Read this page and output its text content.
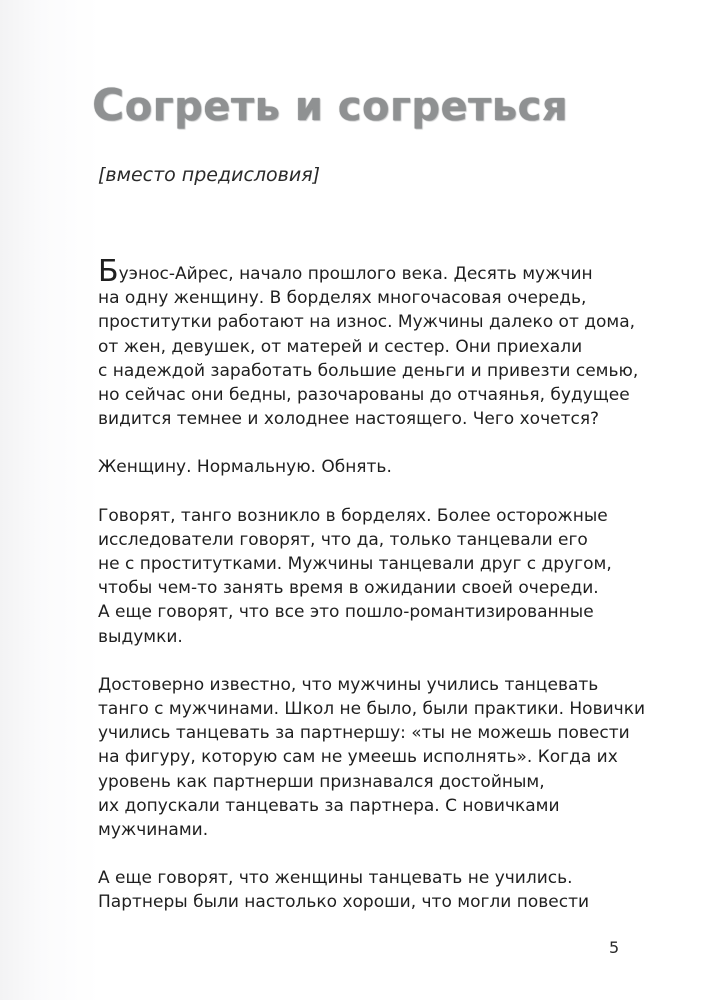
Согреть и согреться

[вместо предисловия]

Буэнос-Айрес, начало прошлого века. Десять мужчин
на одну женщину. В борделях многочасовая очередь,
проститутки работают на износ. Мужчины далеко от дома,
от жен, девушек, от матерей и сестер. Они приехали
с надеждой заработать большие деньги и привезти семью,
но сейчас они бедны, разочарованы до отчаянья, будущее
видится темнее и холоднее настоящего. Чего хочется?

Женщину. Нормальную. Обнять.

Говорят, танго возникло в борделях. Более осторожные
исследователи говорят, что да, только танцевали его
не с проститутками. Мужчины танцевали друг с другом,
чтобы чем-то занять время в ожидании своей очереди.
А еще говорят, что все это пошло-романтизированные
выдумки.

Достоверно известно, что мужчины учились танцевать
танго с мужчинами. Школ не было, были практики. Новички
учились танцевать за партнершу: «ты не можешь повести
на фигуру, которую сам не умеешь исполнять». Когда их
уровень как партнерши признавался достойным,
их допускали танцевать за партнера. С новичками
мужчинами.

А еще говорят, что женщины танцевать не учились.
Партнеры были настолько хороши, что могли повести

5
